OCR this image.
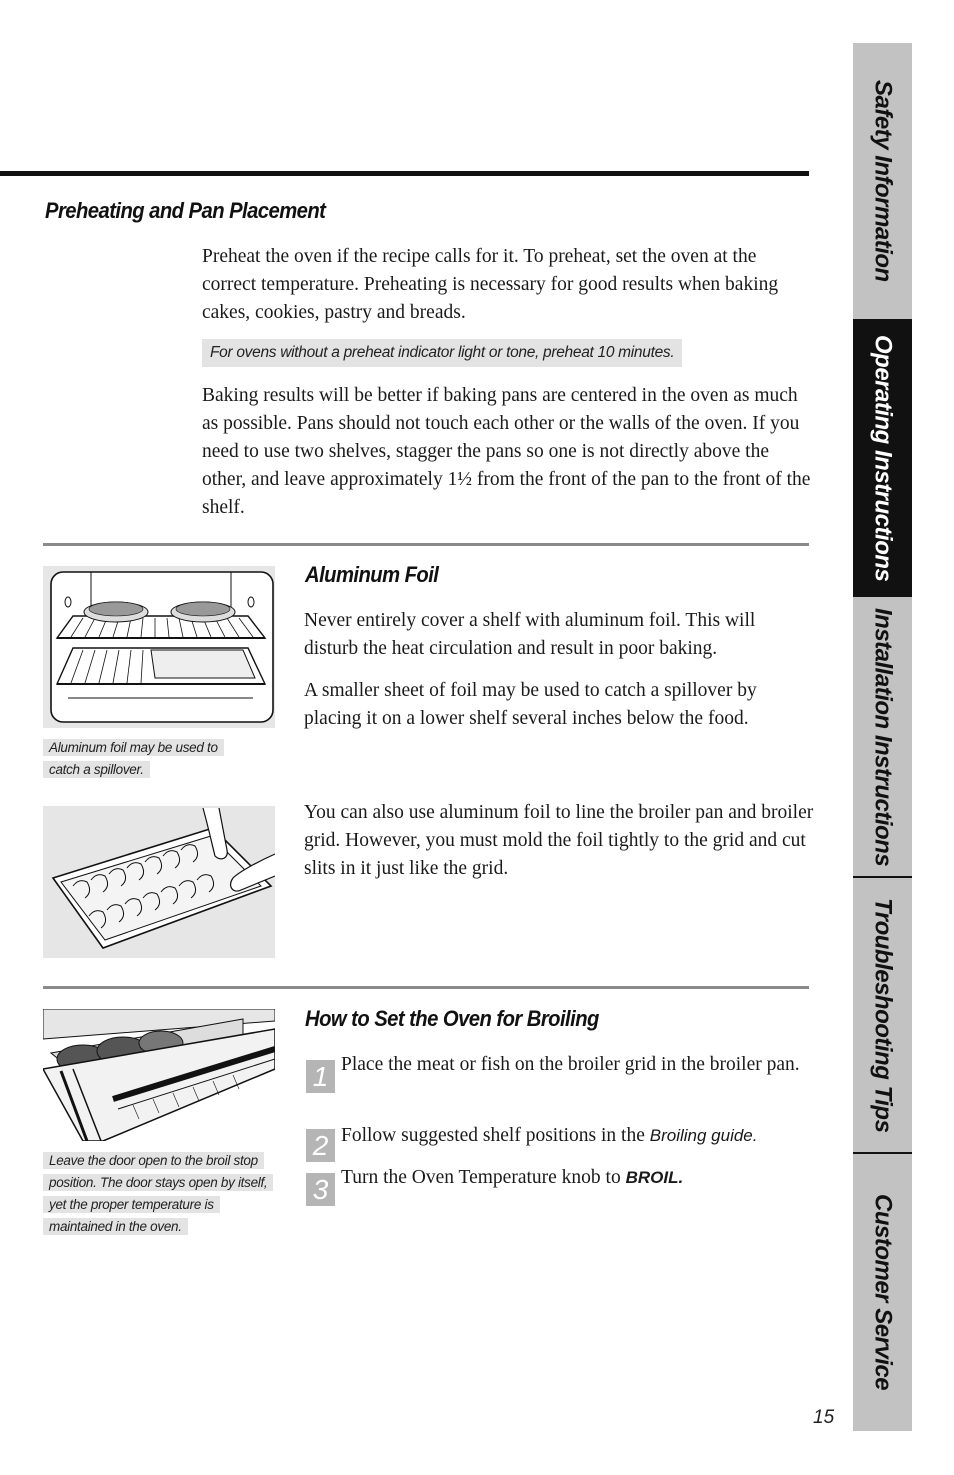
Preheating and Pan Placement

Preheat the oven if the recipe calls for it. To preheat, set the oven at the correct temperature. Preheating is necessary for good results when baking cakes, cookies, pastry and breads.

For ovens without a preheat indicator light or tone, preheat 10 minutes.

Baking results will be better if baking pans are centered in the oven as much as possible. Pans should not touch each other or the walls of the oven. If you need to use two shelves, stagger the pans so one is not directly above the other, and leave approximately 1½ from the front of the pan to the front of the shelf.

Aluminum foil may be used to catch a spillover.
Aluminum Foil

Never entirely cover a shelf with aluminum foil. This will disturb the heat circulation and result in poor baking.

A smaller sheet of foil may be used to catch a spillover by placing it on a lower shelf several inches below the food.

You can also use aluminum foil to line the broiler pan and broiler grid. However, you must mold the foil tightly to the grid and cut slits in it just like the grid.

Leave the door open to the broil stop position. The door stays open by itself, yet the proper temperature is maintained in the oven.
How to Set the Oven for Broiling
1 Place the meat or fish on the broiler grid in the broiler pan.
2 Follow suggested shelf positions in the Broiling guide.
3 Turn the Oven Temperature knob to BROIL.
Safety Information
Operating Instructions
Installation Instructions
Troubleshooting Tips
Customer Service
15
